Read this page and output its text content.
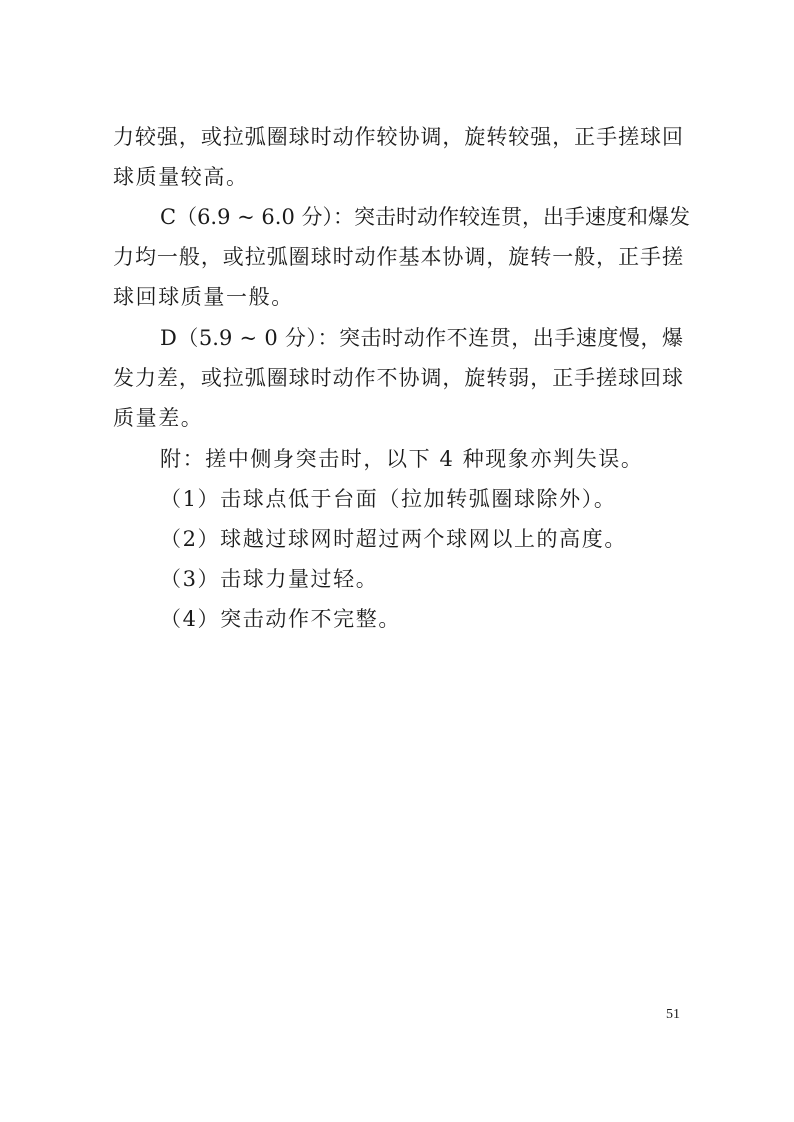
力较强，或拉弧圈球时动作较协调，旋转较强，正手搓球回
球质量较高。
C（6.9 ~ 6.0 分）：突击时动作较连贯，出手速度和爆发
力均一般，或拉弧圈球时动作基本协调，旋转一般，正手搓
球回球质量一般。
D（5.9 ~ 0 分）：突击时动作不连贯，出手速度慢，爆
发力差，或拉弧圈球时动作不协调，旋转弱，正手搓球回球
质量差。
附：搓中侧身突击时，以下 4 种现象亦判失误。
（1）击球点低于台面（拉加转弧圈球除外）。
（2）球越过球网时超过两个球网以上的高度。
（3）击球力量过轻。
（4）突击动作不完整。
51
